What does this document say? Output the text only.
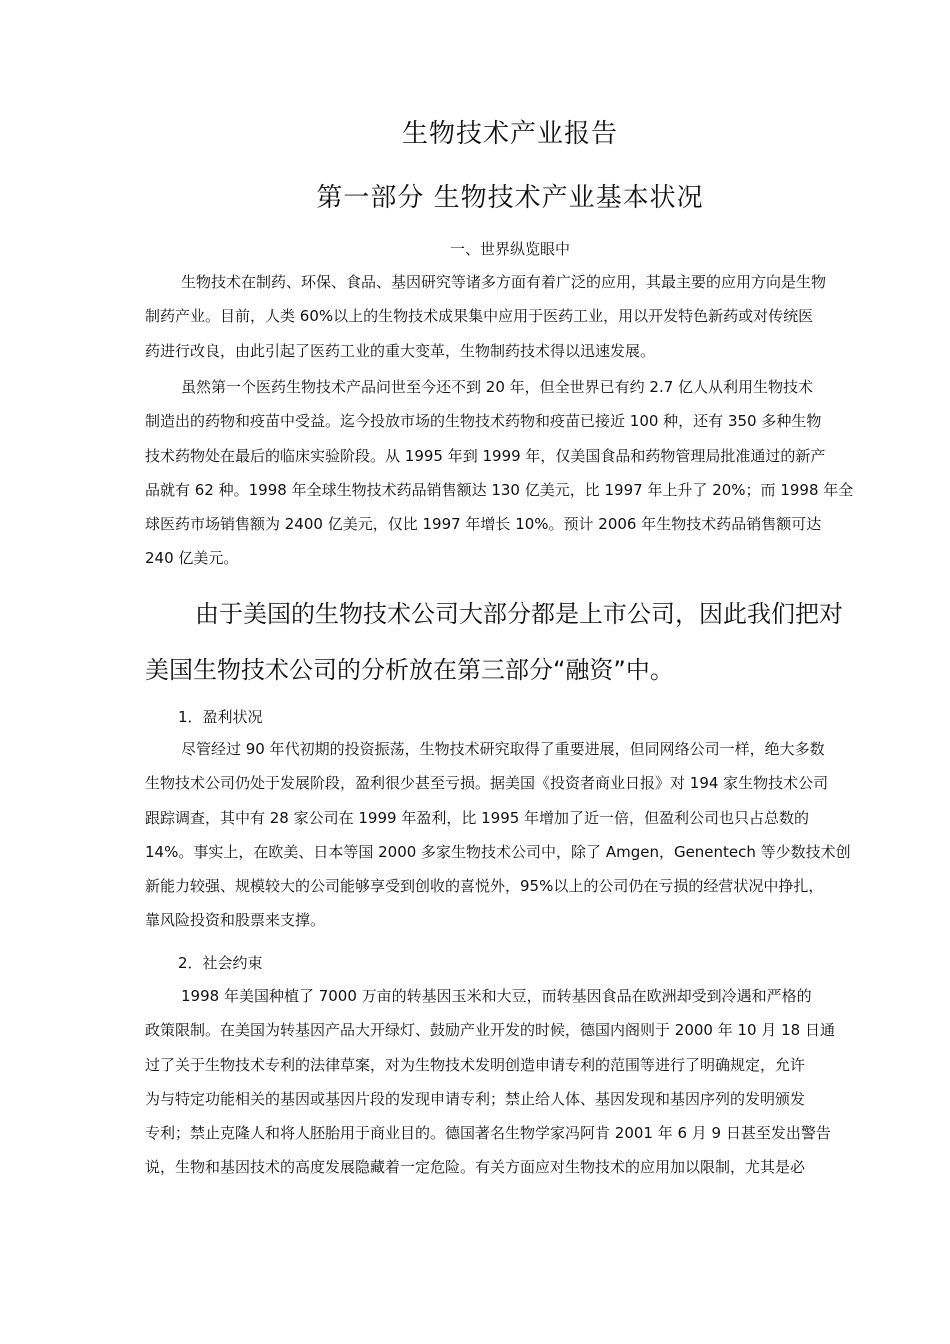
生物技术产业报告
第一部分 生物技术产业基本状况
一、世界纵览眼中
生物技术在制药、环保、食品、基因研究等诸多方面有着广泛的应用，其最主要的应用方向是生物
制药产业。目前，人类 60%以上的生物技术成果集中应用于医药工业，用以开发特色新药或对传统医
药进行改良，由此引起了医药工业的重大变革，生物制药技术得以迅速发展。
虽然第一个医药生物技术产品问世至今还不到 20 年，但全世界已有约 2.7 亿人从利用生物技术
制造出的药物和疫苗中受益。迄今投放市场的生物技术药物和疫苗已接近 100 种，还有 350 多种生物
技术药物处在最后的临床实验阶段。从 1995 年到 1999 年，仅美国食品和药物管理局批准通过的新产
品就有 62 种。1998 年全球生物技术药品销售额达 130 亿美元，比 1997 年上升了 20%；而 1998 年全
球医药市场销售额为 2400 亿美元，仅比 1997 年增长 10%。预计 2006 年生物技术药品销售额可达
240 亿美元。
由于美国的生物技术公司大部分都是上市公司，因此我们把对
美国生物技术公司的分析放在第三部分“融资”中。
1．盈利状况
尽管经过 90 年代初期的投资振荡，生物技术研究取得了重要进展，但同网络公司一样，绝大多数
生物技术公司仍处于发展阶段，盈利很少甚至亏损。据美国《投资者商业日报》对 194 家生物技术公司
跟踪调查，其中有 28 家公司在 1999 年盈利，比 1995 年增加了近一倍，但盈利公司也只占总数的
14%。事实上，在欧美、日本等国 2000 多家生物技术公司中，除了 Amgen，Genentech 等少数技术创
新能力较强、规模较大的公司能够享受到创收的喜悦外，95%以上的公司仍在亏损的经营状况中挣扎，
靠风险投资和股票来支撑。
2．社会约束
1998 年美国种植了 7000 万亩的转基因玉米和大豆，而转基因食品在欧洲却受到冷遇和严格的
政策限制。在美国为转基因产品大开绿灯、鼓励产业开发的时候，德国内阁则于 2000 年 10 月 18 日通
过了关于生物技术专利的法律草案，对为生物技术发明创造申请专利的范围等进行了明确规定，允许
为与特定功能相关的基因或基因片段的发现申请专利；禁止给人体、基因发现和基因序列的发明颁发
专利；禁止克隆人和将人胚胎用于商业目的。德国著名生物学家冯阿肯 2001 年 6 月 9 日甚至发出警告
说，生物和基因技术的高度发展隐藏着一定危险。有关方面应对生物技术的应用加以限制，尤其是必
